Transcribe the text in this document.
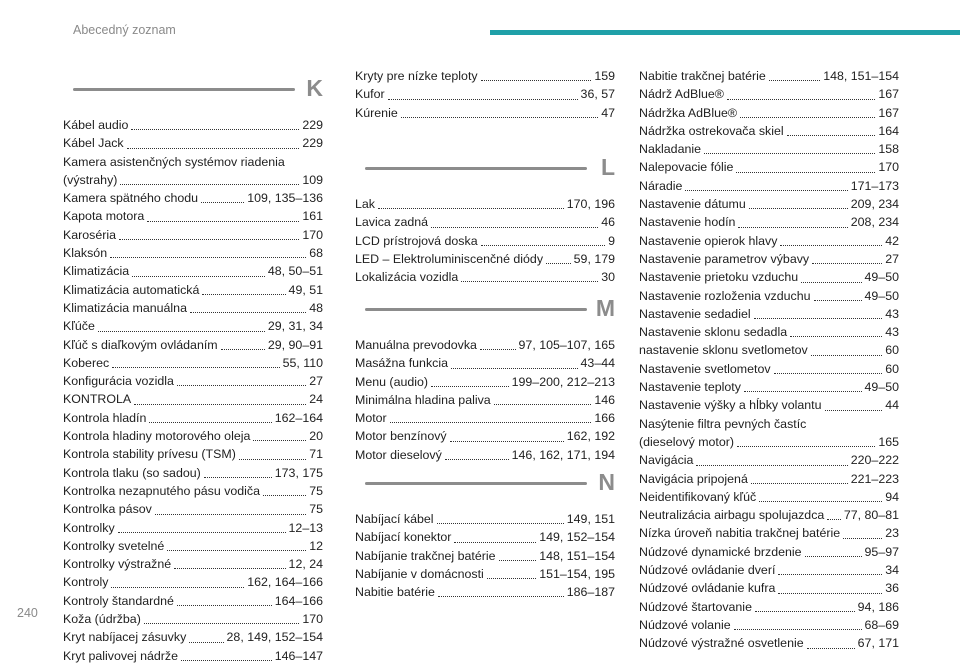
Abecedný zoznam
K
Kábel audio	229
Kábel Jack	229
Kamera asistenčných systémov riadenia
(výstrahy)	109
Kamera spätného chodu	109, 135–136
Kapota motora	161
Karoséria	170
Klaksón	68
Klimatizácia	48, 50–51
Klimatizácia automatická	49, 51
Klimatizácia manuálna	48
Kľúče	29, 31, 34
Kľúč s diaľkovým ovládaním	29, 90–91
Koberec	55, 110
Konfigurácia vozidla	27
KONTROLA	24
Kontrola hladín	162–164
Kontrola hladiny motorového oleja	20
Kontrola stability prívesu (TSM)	71
Kontrola tlaku (so sadou)	173, 175
Kontrolka nezapnutého pásu vodiča	75
Kontrolka pásov	75
Kontrolky	12–13
Kontrolky svetelné	12
Kontrolky výstražné	12, 24
Kontroly	162, 164–166
Kontroly štandardné	164–166
Koža (údržba)	170
Kryt nabíjacej zásuvky	28, 149, 152–154
Kryt palivovej nádrže	146–147
Kryty pre nízke teploty	159
Kufor	36, 57
Kúrenie	47
L
Lak	170, 196
Lavica zadná	46
LCD prístrojová doska	9
LED – Elektroluminiscenčné diódy 59, 179
Lokalizácia vozidla	30
M
Manuálna prevodovka	97, 105–107, 165
Masážna funkcia	43–44
Menu (audio)	199–200, 212–213
Minimálna hladina paliva	146
Motor	166
Motor benzínový	162, 192
Motor dieselový	146, 162, 171, 194
N
Nabíjací kábel	149, 151
Nabíjací konektor	149, 152–154
Nabíjanie trakčnej batérie	148, 151–154
Nabíjanie v domácnosti	151–154, 195
Nabitie batérie	186–187
Nabitie trakčnej batérie	148, 151–154
Nádrž AdBlue®	167
Nádržka AdBlue®	167
Nádržka ostrekovača skiel	164
Nakladanie	158
Nalepovacie fólie	170
Náradie	171–173
Nastavenie dátumu	209, 234
Nastavenie hodín	208, 234
Nastavenie opierok hlavy	42
Nastavenie parametrov výbavy	27
Nastavenie prietoku vzduchu	49–50
Nastavenie rozloženia vzduchu	49–50
Nastavenie sedadiel	43
Nastavenie sklonu sedadla	43
nastavenie sklonu svetlometov	60
Nastavenie svetlometov	60
Nastavenie teploty	49–50
Nastavenie výšky a hĺbky volantu	44
Nasýtenie filtra pevných častíc
(dieselový motor)	165
Navigácia	220–222
Navigácia pripojená	221–223
Neidentifikovaný kľúč	94
Neutralizácia airbagu spolujazdca 77, 80–81
Nízka úroveň nabitia trakčnej batérie	23
Núdzové dynamické brzdenie	95–97
Núdzové ovládanie dverí	34
Núdzové ovládanie kufra	36
Núdzové štartovanie	94, 186
Núdzové volanie	68–69
Núdzové výstražné osvetlenie	67, 171
240
